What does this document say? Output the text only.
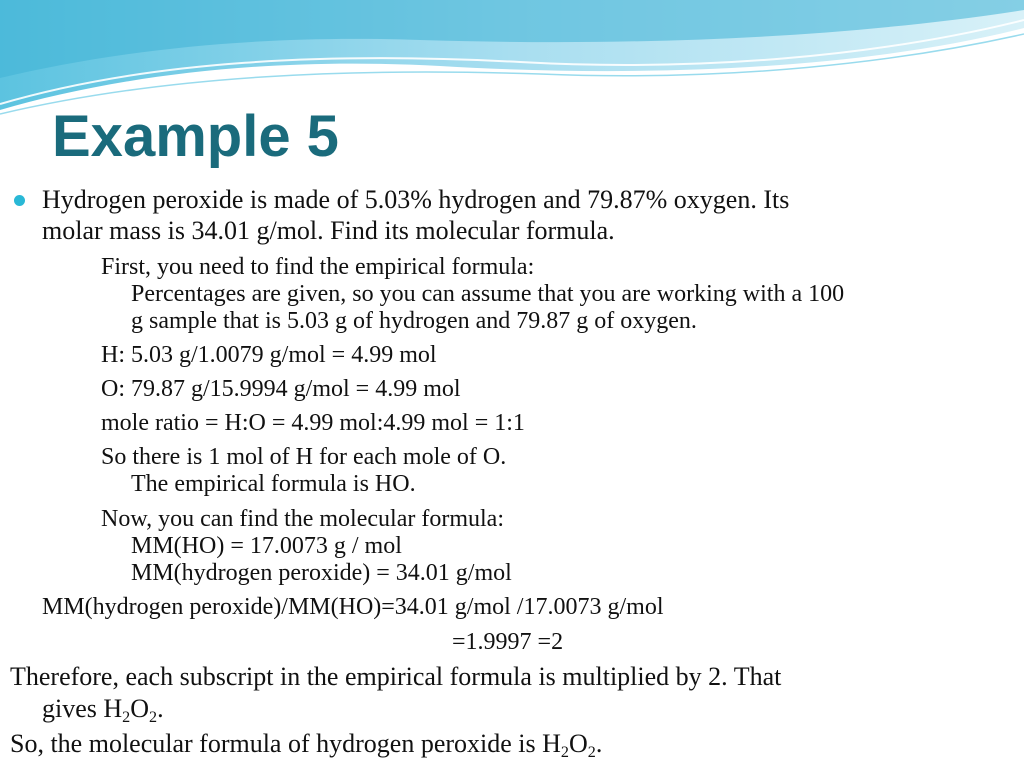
Example 5
Hydrogen peroxide is made of 5.03% hydrogen and 79.87% oxygen. Its
molar mass is 34.01 g/mol. Find its molecular formula.
First, you need to find the empirical formula:
Percentages are given, so you can assume that you are working with a 100
g sample that is 5.03 g of hydrogen and 79.87 g of oxygen.
H: 5.03 g/1.0079 g/mol = 4.99 mol
O: 79.87 g/15.9994 g/mol = 4.99 mol
mole ratio = H:O = 4.99 mol:4.99 mol = 1:1
So there is 1 mol of H for each mole of O.
The empirical formula is HO.
Now, you can find the molecular formula:
MM(HO) = 17.0073 g / mol
MM(hydrogen peroxide) = 34.01 g/mol
MM(hydrogen peroxide)/MM(HO)=34.01 g/mol /17.0073 g/mol
=1.9997 =2
Therefore, each subscript in the empirical formula is multiplied by 2. That
gives $H_2O_2$.
So, the molecular formula of hydrogen peroxide is $H_2O_2$.
